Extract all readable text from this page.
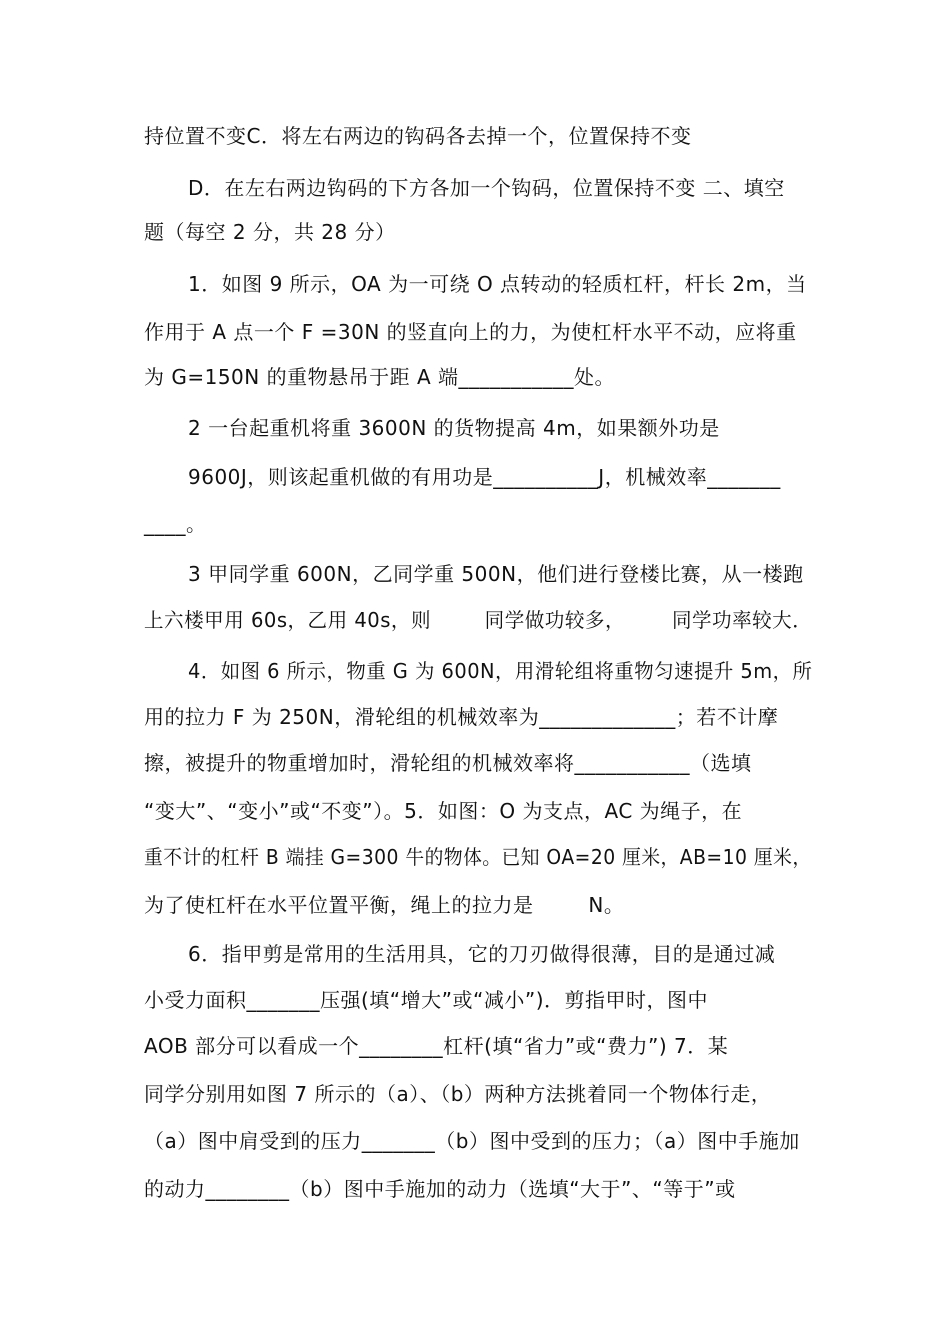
持位置不变C．将左右两边的钩码各去掉一个，位置保持不变
D．在左右两边钩码的下方各加一个钩码，位置保持不变 二、填空
题（每空 2 分，共 28 分）
1．如图 9 所示，OA 为一可绕 O 点转动的轻质杠杆，杆长 2m，当
作用于 A 点一个 F =30N 的竖直向上的力，为使杠杆水平不动，应将重
为 G=150N 的重物悬吊于距 A 端___________处。
2 一台起重机将重 3600N 的货物提高 4m，如果额外功是
9600J，则该起重机做的有用功是__________J，机械效率_______
____。
3 甲同学重 600N，乙同学重 500N，他们进行登楼比赛，从一楼跑
上六楼甲用 60s，乙用 40s，则        同学做功较多，       同学功率较大．
4．如图 6 所示，物重 G 为 600N，用滑轮组将重物匀速提升 5m，所
用的拉力 F 为 250N，滑轮组的机械效率为_____________；若不计摩
擦，被提升的物重增加时，滑轮组的机械效率将___________（选填
“变大”、“变小”或“不变”）。5．如图：O 为支点，AC 为绳子，在
重不计的杠杆 B 端挂 G=300 牛的物体。已知 OA=20 厘米，AB=10 厘米，
为了使杠杆在水平位置平衡，绳上的拉力是        N。
6．指甲剪是常用的生活用具，它的刀刃做得很薄，目的是通过减
小受力面积_______压强(填“增大”或“减小”)．剪指甲时，图中
AOB 部分可以看成一个________杠杆(填“省力”或“费力”) 7．某
同学分别用如图 7 所示的（a）、（b）两种方法挑着同一个物体行走，
（a）图中肩受到的压力_______（b）图中受到的压力；（a）图中手施加
的动力________（b）图中手施加的动力（选填“大于”、“等于”或
